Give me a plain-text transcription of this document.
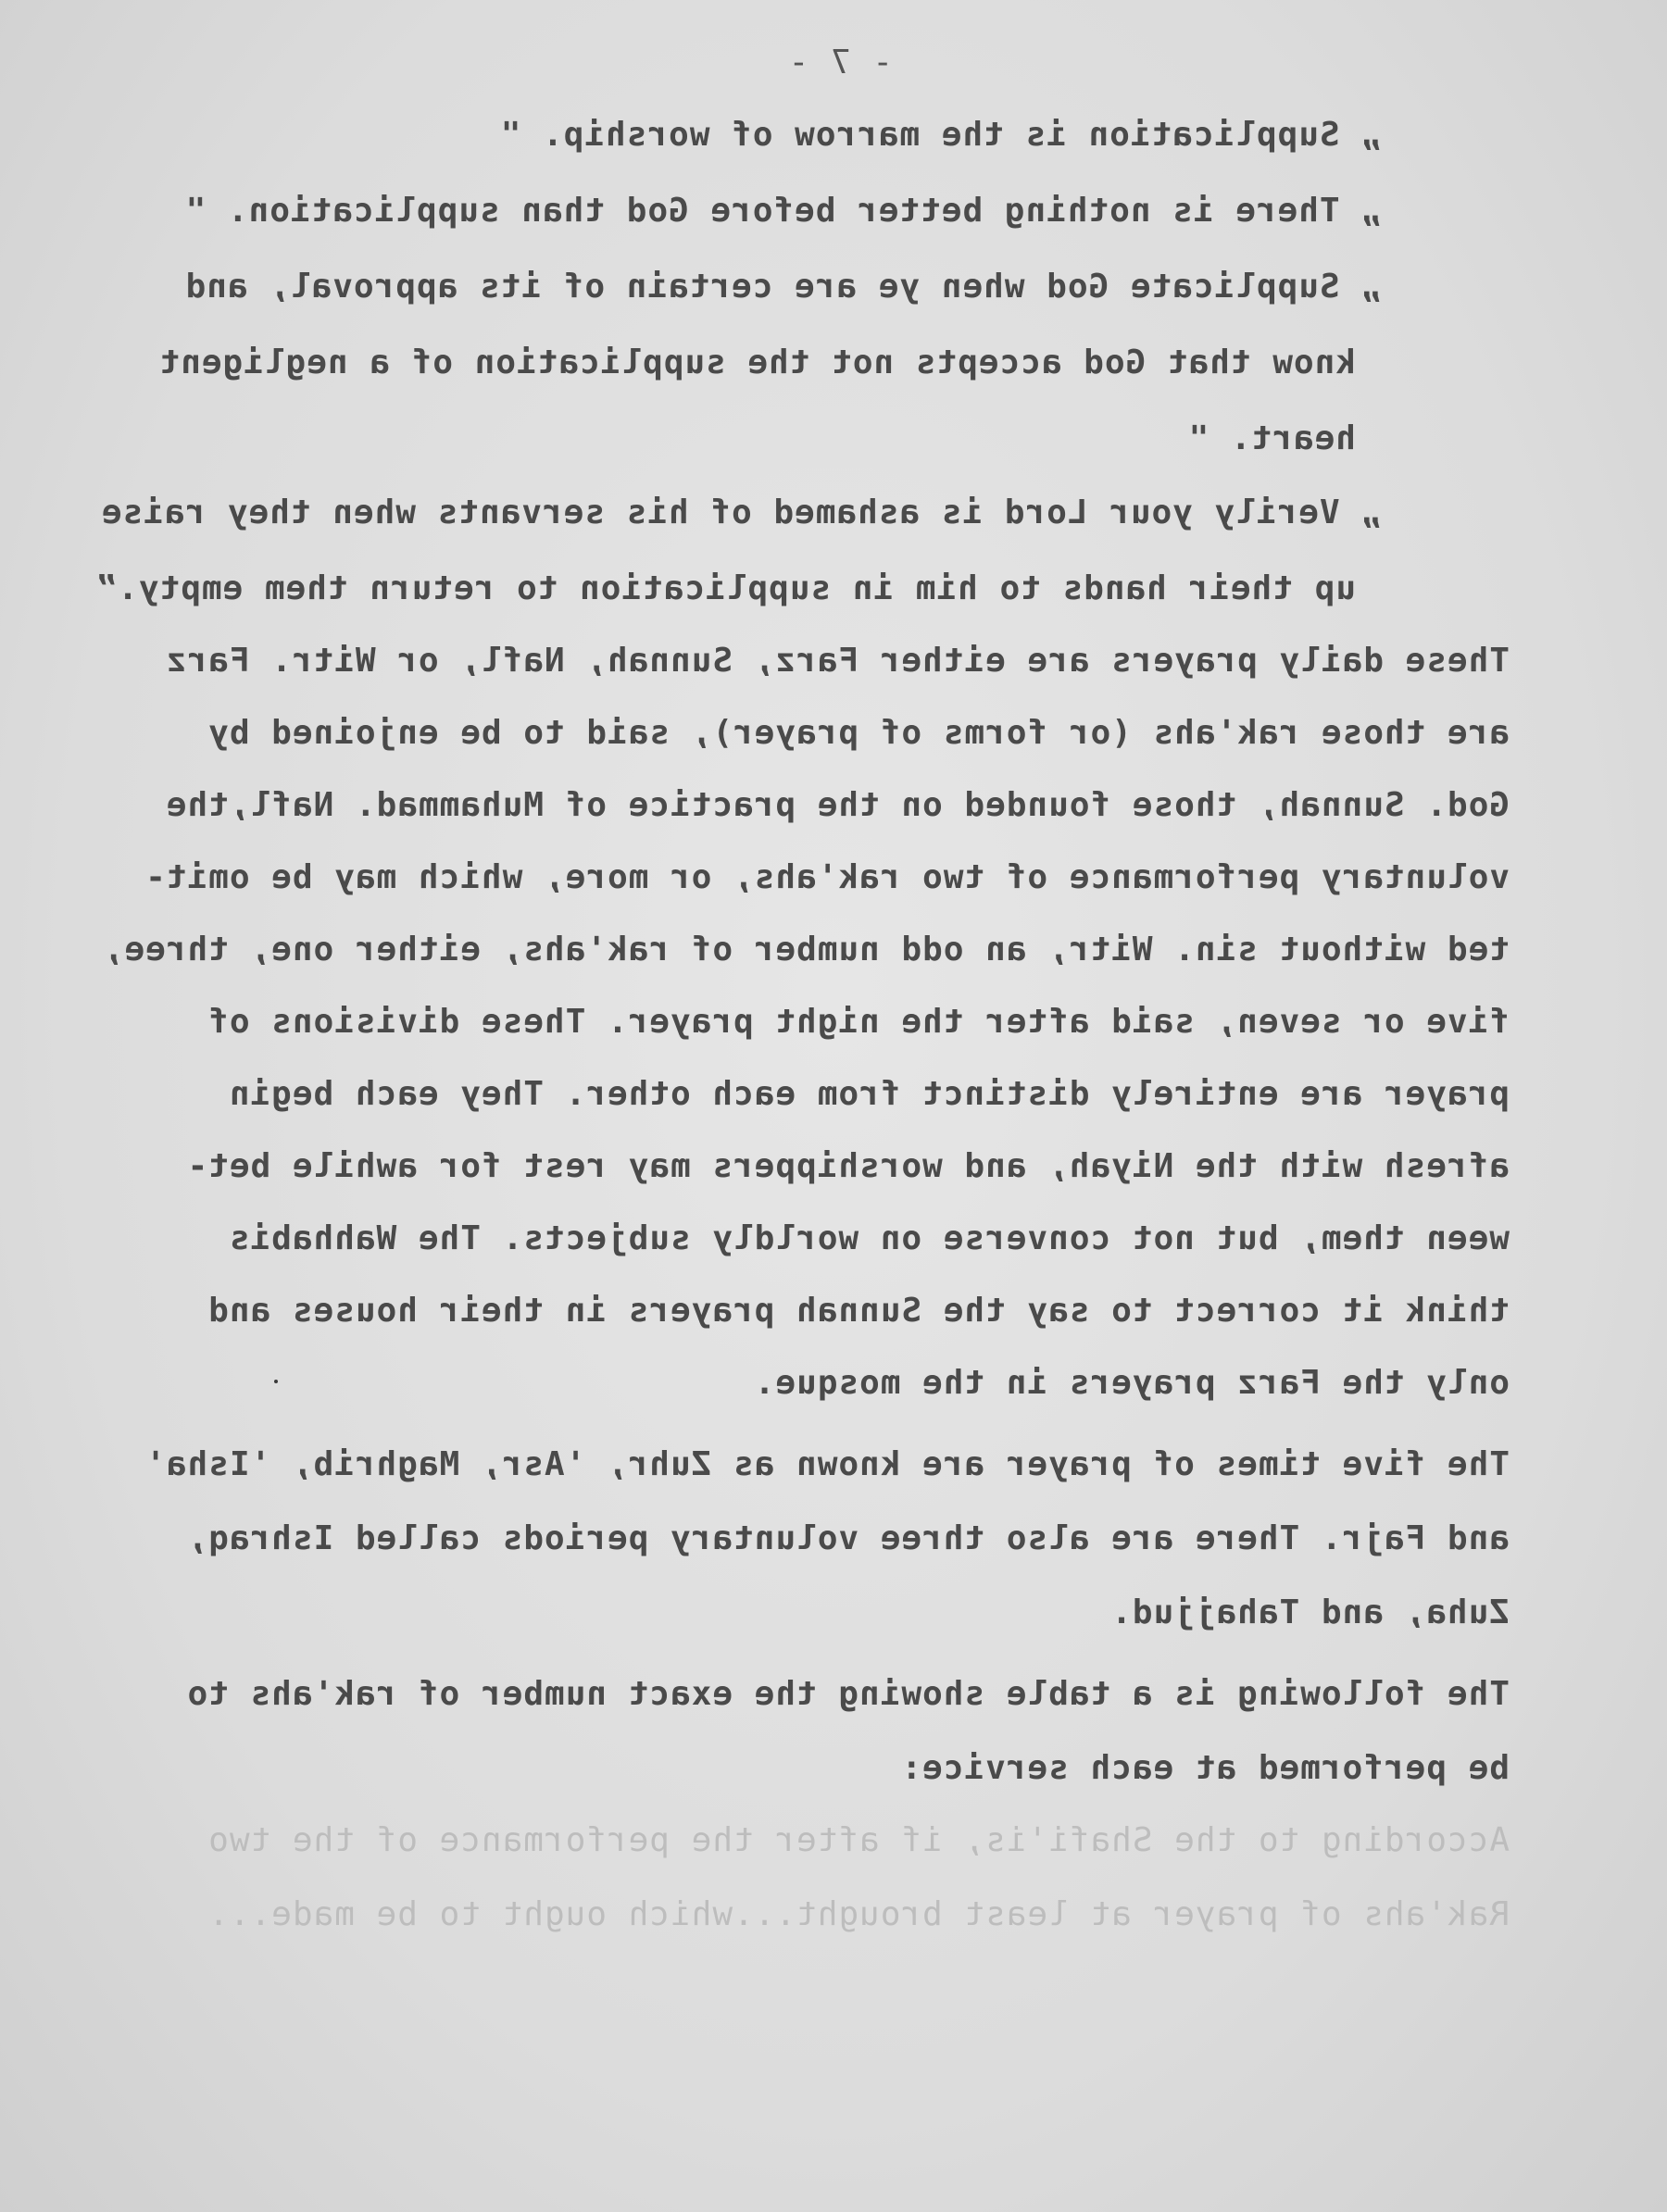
- 7 -
„ Supplication is the marrow of worship. "
„ There is nothing better before God than supplication. "
„ Supplicate God when ye are certain of its approval, and
know that God accepts not the supplication of a negligent
heart. "
„ Verily your Lord is ashamed of his servants when they raise
up their hands to him in supplication to return them empty.”
These daily prayers are either Farz, Sunnah, Nafl, or Witr. Farz
are those rak'ahs (or forms of prayer), said to be enjoined by
God. Sunnah, those founded on the practice of Muhammad. Nafl,the
voluntary performance of two rak'ahs, or more, which may be omit-
ted without sin. Witr, an odd number of rak'ahs, either one, three,
five or seven, said after the night prayer. These divisions of
prayer are entirely distinct from each other. They each begin
afresh with the Niyah, and worshippers may rest for awhile bet-
ween them, but not converse on worldly subjects. The Wahhabis
think it correct to say the Sunnah prayers in their houses and
only the Farz prayers in the mosque.
The five times of prayer are known as Zuhr, 'Asr, Maghrib, 'Isha'
and Fajr. There are also three voluntary periods called Ishraq,
Zuha, and Tahajjud.
The following is a table showing the exact number of rak'ahs to
be performed at each service:
According to the Shafi'is, if after the performance of the two
Rak'ahs of prayer at least brought...which ought to be made...
